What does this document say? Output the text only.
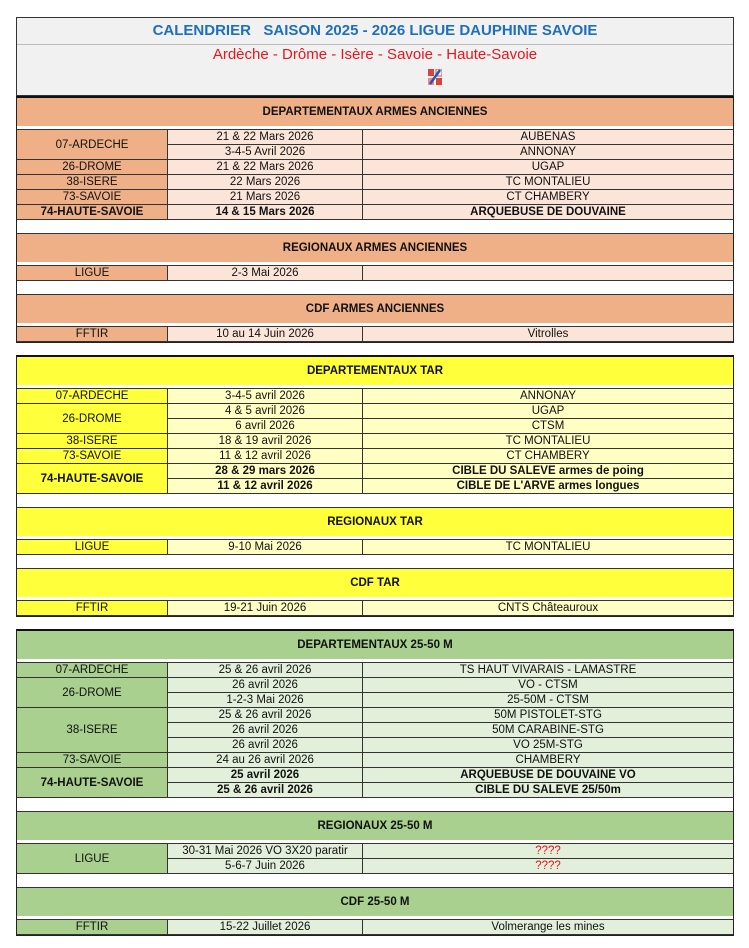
CALENDRIER   SAISON 2025 - 2026 LIGUE DAUPHINE SAVOIE
Ardèche - Drôme - Isère - Savoie - Haute-Savoie
DEPARTEMENTAUX ARMES ANCIENNES
07-ARDECHE
21 & 22 Mars 2026	AUBENAS
3-4-5 Avril 2026	ANNONAY
26-DROME	21 & 22 Mars 2026	UGAP
38-ISERE	22 Mars 2026	TC MONTALIEU
73-SAVOIE	21 Mars 2026	CT CHAMBERY
74-HAUTE-SAVOIE	14 & 15 Mars 2026	ARQUEBUSE DE DOUVAINE
REGIONAUX ARMES ANCIENNES
LIGUE	2-3 Mai 2026
CDF ARMES ANCIENNES
FFTIR	10 au 14 Juin 2026	Vitrolles
DEPARTEMENTAUX TAR
07-ARDECHE	3-4-5 avril 2026	ANNONAY
26-DROME
4 & 5 avril 2026	UGAP
6 avril 2026	CTSM
38-ISERE	18 & 19 avril 2026	TC MONTALIEU
73-SAVOIE	11 & 12 avril 2026	CT CHAMBERY
74-HAUTE-SAVOIE
28 & 29 mars 2026	CIBLE DU SALEVE armes de poing
11 & 12 avril 2026	CIBLE DE L'ARVE armes longues
REGIONAUX TAR
LIGUE	9-10 Mai 2026	TC MONTALIEU
CDF TAR
FFTIR	19-21 Juin 2026	CNTS Châteauroux
DEPARTEMENTAUX 25-50 M
07-ARDECHE	25 & 26 avril 2026	TS HAUT VIVARAIS - LAMASTRE
26-DROME
26 avril 2026	VO - CTSM
1-2-3 Mai 2026	25-50M - CTSM
38-ISERE
25 & 26 avril 2026	50M PISTOLET-STG
26 avril 2026	50M CARABINE-STG
26 avril 2026	VO 25M-STG
73-SAVOIE	24 au 26 avril 2026	CHAMBERY
74-HAUTE-SAVOIE
25 avril 2026	ARQUEBUSE DE DOUVAINE VO
25 & 26 avril 2026	CIBLE DU SALEVE 25/50m
REGIONAUX 25-50 M
LIGUE
30-31 Mai 2026 VO 3X20 paratir	????
5-6-7 Juin 2026	????
CDF 25-50 M
FFTIR	15-22 Juillet 2026	Volmerange les mines
